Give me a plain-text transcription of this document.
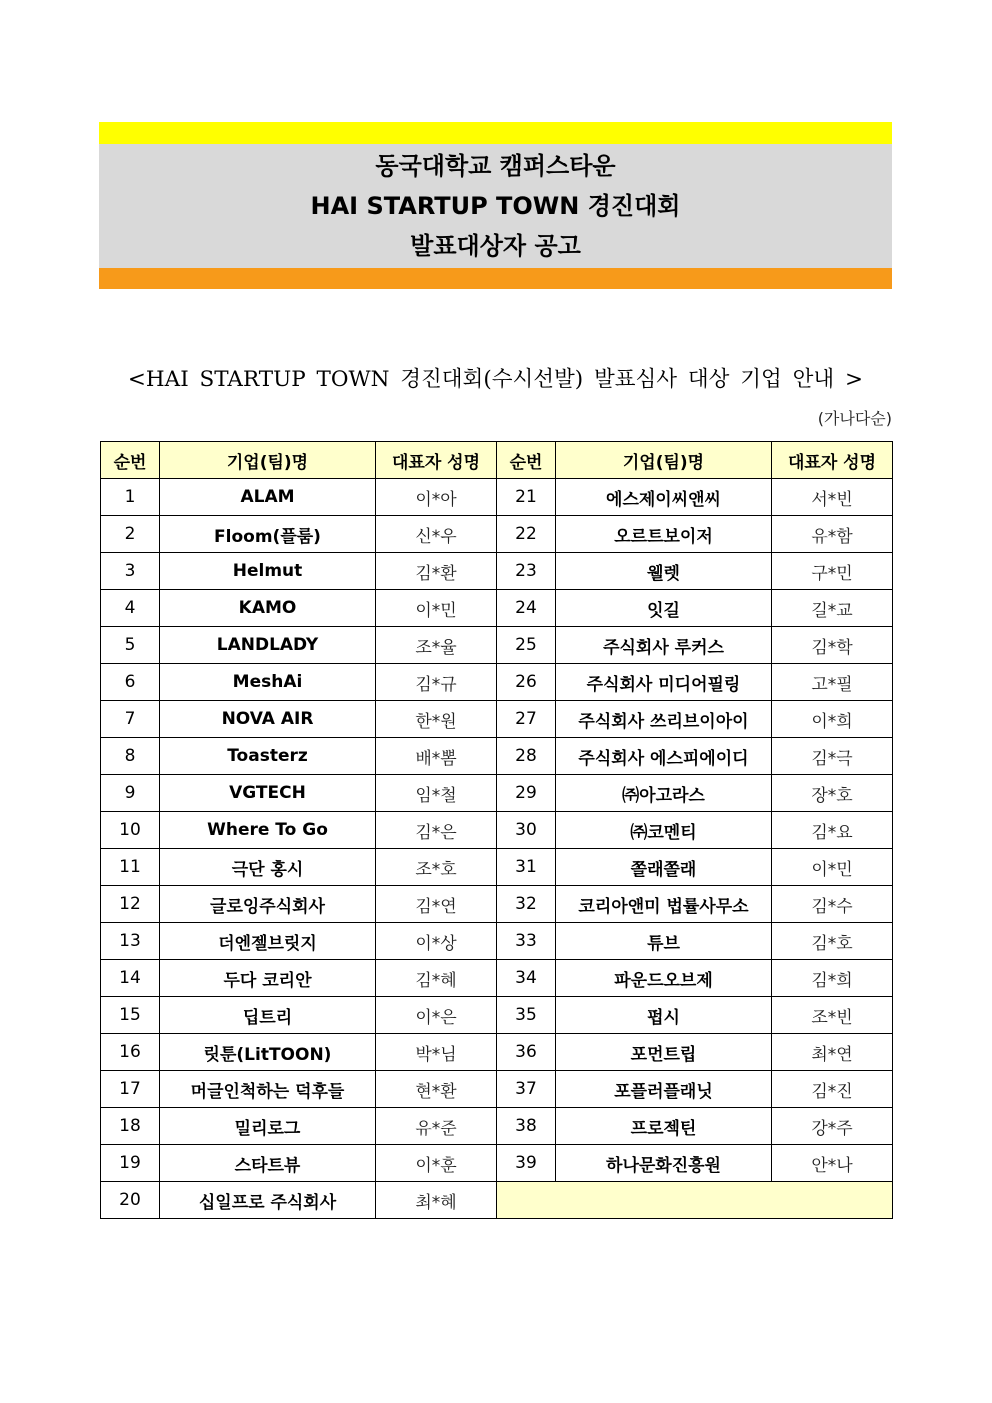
동국대학교 캠퍼스타운
HAI STARTUP TOWN 경진대회
발표대상자 공고
<HAI STARTUP TOWN 경진대회(수시선발) 발표심사 대상 기업 안내 >
(가나다순)
순번	기업(팀)명	대표자 성명	순번	기업(팀)명	대표자 성명
1	ALAM	이*아	21	에스제이씨앤씨	서*빈
2	Floom(플룸)	신*우	22	오르트보이저	유*함
3	Helmut	김*환	23	웰렛	구*민
4	KAMO	이*민	24	잇길	길*교
5	LANDLADY	조*율	25	주식회사 루커스	김*학
6	MeshAi	김*규	26	주식회사 미디어필링	고*필
7	NOVA AIR	한*원	27	주식회사 쓰리브이아이	이*희
8	Toasterz	배*뽐	28	주식회사 에스피에이디	김*극
9	VGTECH	임*철	29	㈜아고라스	장*호
10	Where To Go	김*은	30	㈜코멘티	김*요
11	극단 홍시	조*호	31	쫄래쫄래	이*민
12	글로잉주식회사	김*연	32	코리아앤미 법률사무소	김*수
13	더엔젤브릿지	이*상	33	튜브	김*호
14	두다 코리안	김*혜	34	파운드오브제	김*희
15	딥트리	이*은	35	펍시	조*빈
16	릿툰(LitTOON)	박*님	36	포먼트립	최*연
17	머글인척하는 덕후들	현*환	37	포플러플래닛	김*진
18	밀리로그	유*준	38	프로젝틴	강*주
19	스타트뷰	이*훈	39	하나문화진흥원	안*나
20	십일프로 주식회사	최*혜			
